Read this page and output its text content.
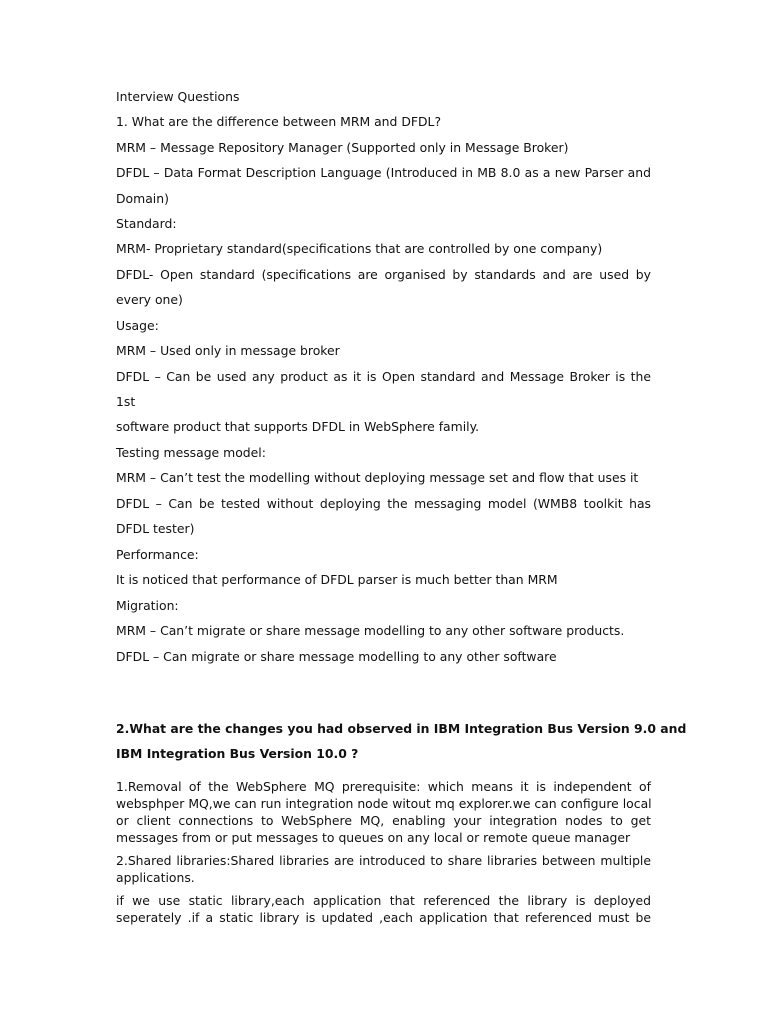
Interview Questions
1. What are the difference between MRM and DFDL?
MRM – Message Repository Manager (Supported only in Message Broker)
DFDL – Data Format Description Language (Introduced in MB 8.0 as a new Parser and
Domain)
Standard:
MRM- Proprietary standard(specifications that are controlled by one company)
DFDL- Open standard (specifications are organised by standards and are used by
every one)
Usage:
MRM – Used only in message broker
DFDL – Can be used any product as it is Open standard and Message Broker is the
1st
software product that supports DFDL in WebSphere family.
Testing message model:
MRM – Can’t test the modelling without deploying message set and flow that uses it
DFDL – Can be tested without deploying the messaging model (WMB8 toolkit has
DFDL tester)
Performance:
It is noticed that performance of DFDL parser is much better than MRM
Migration:
MRM – Can’t migrate or share message modelling to any other software products.
DFDL – Can migrate or share message modelling to any other software
2.What are the changes you had observed in IBM Integration Bus Version 9.0 and
IBM Integration Bus Version 10.0 ?
1.Removal of the WebSphere MQ prerequisite: which means it is independent of
websphper MQ,we can run integration node witout mq explorer.we can configure local
or client connections to WebSphere MQ, enabling your integration nodes to get
messages from or put messages to queues on any local or remote queue manager
2.Shared libraries:Shared libraries are introduced to share libraries between multiple
applications.
if we use static library,each application that referenced the library is deployed
seperately .if a static library is updated ,each application that referenced must be
